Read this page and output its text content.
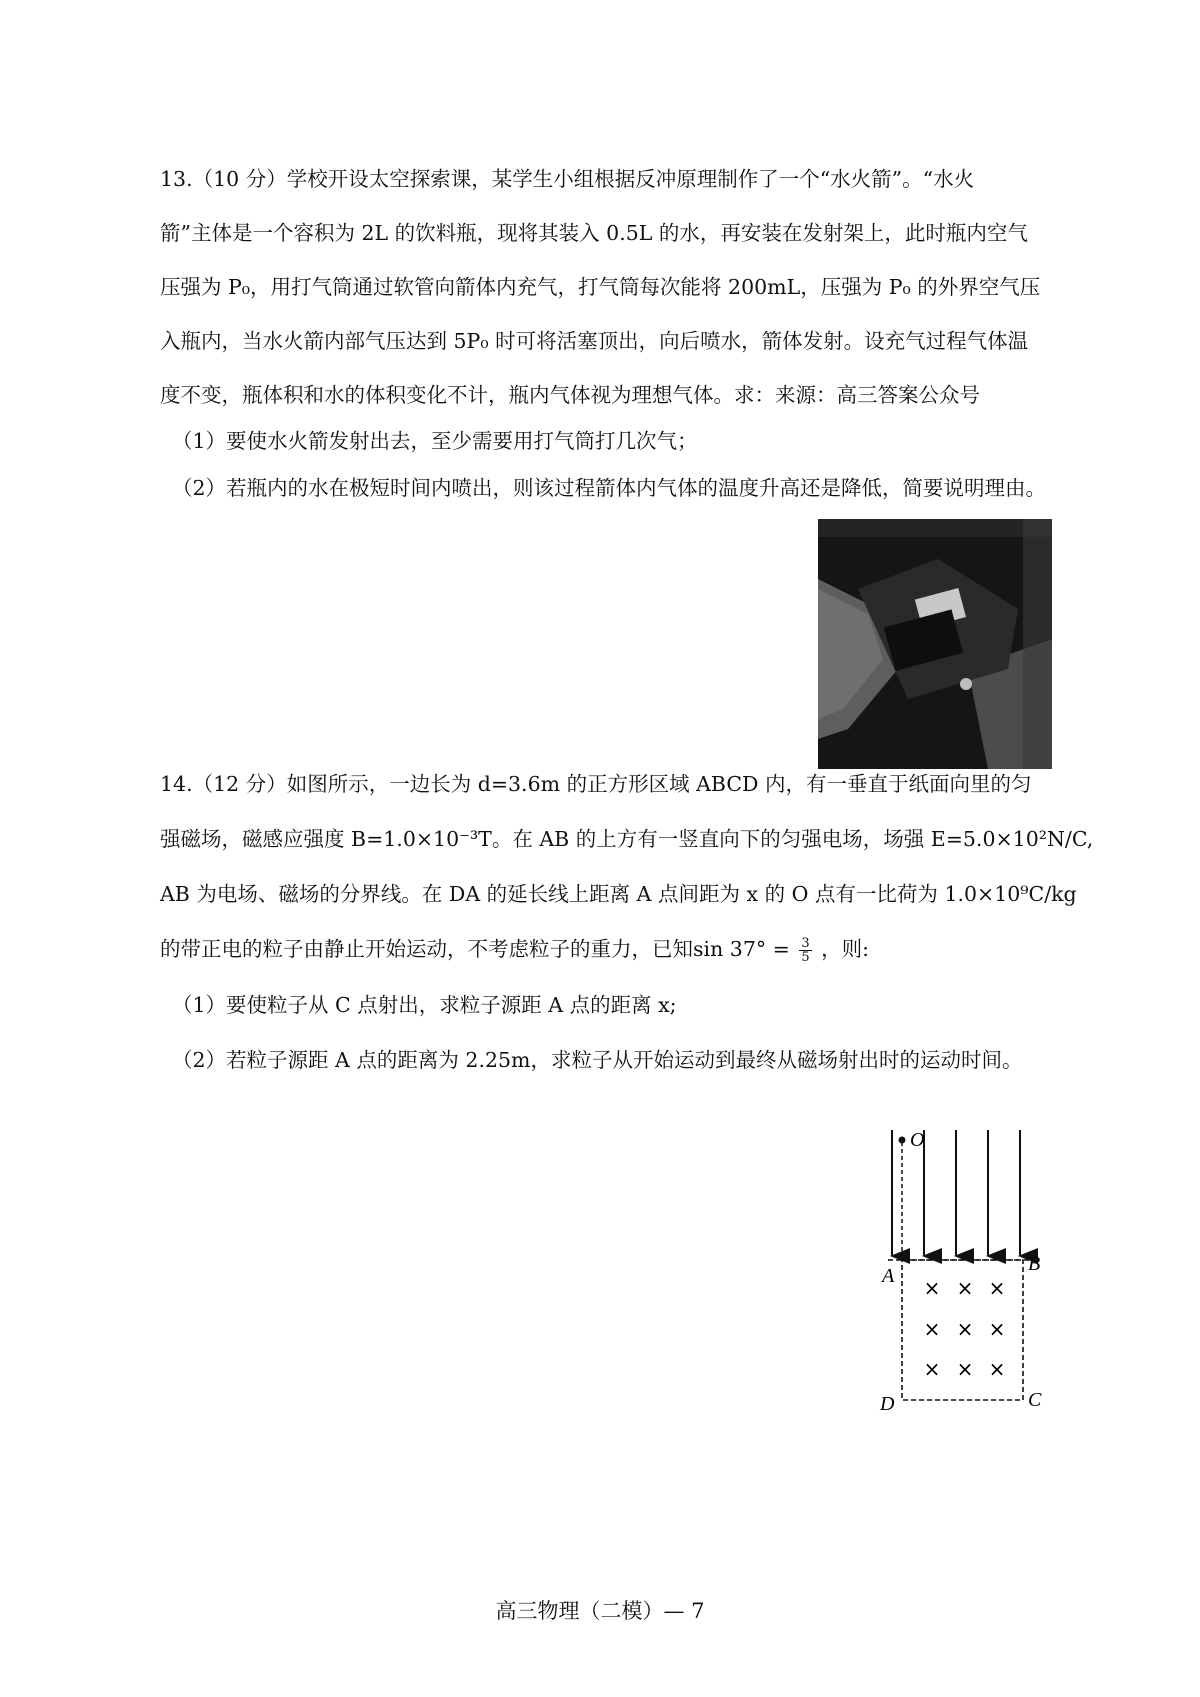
13.（10 分）学校开设太空探索课，某学生小组根据反冲原理制作了一个“水火箭”。“水火
箭”主体是一个容积为 2L 的饮料瓶，现将其装入 0.5L 的水，再安装在发射架上，此时瓶内空气
压强为 P₀，用打气筒通过软管向箭体内充气，打气筒每次能将 200mL，压强为 P₀ 的外界空气压
入瓶内，当水火箭内部气压达到 5P₀ 时可将活塞顶出，向后喷水，箭体发射。设充气过程气体温
度不变，瓶体积和水的体积变化不计，瓶内气体视为理想气体。求：来源：高三答案公众号
（1）要使水火箭发射出去，至少需要用打气筒打几次气；
（2）若瓶内的水在极短时间内喷出，则该过程箭体内气体的温度升高还是降低，简要说明理由。
14.（12 分）如图所示，一边长为 d=3.6m 的正方形区域 ABCD 内，有一垂直于纸面向里的匀
强磁场，磁感应强度 B=1.0×10⁻³T。在 AB 的上方有一竖直向下的匀强电场，场强 E=5.0×10²N/C,
AB 为电场、磁场的分界线。在 DA 的延长线上距离 A 点间距为 x 的 O 点有一比荷为 1.0×10⁹C/kg
的带正电的粒子由静止开始运动，不考虑粒子的重力，已知$\sin 37^\circ = \frac{3}{5}$ ，则:
（1）要使粒子从 C 点射出，求粒子源距 A 点的距离 x;
（2）若粒子源距 A 点的距离为 2.25m，求粒子从开始运动到最终从磁场射出时的运动时间。
O
A
B
C
D
× × ×
× × ×
× × ×
高三物理（二模）— 7
